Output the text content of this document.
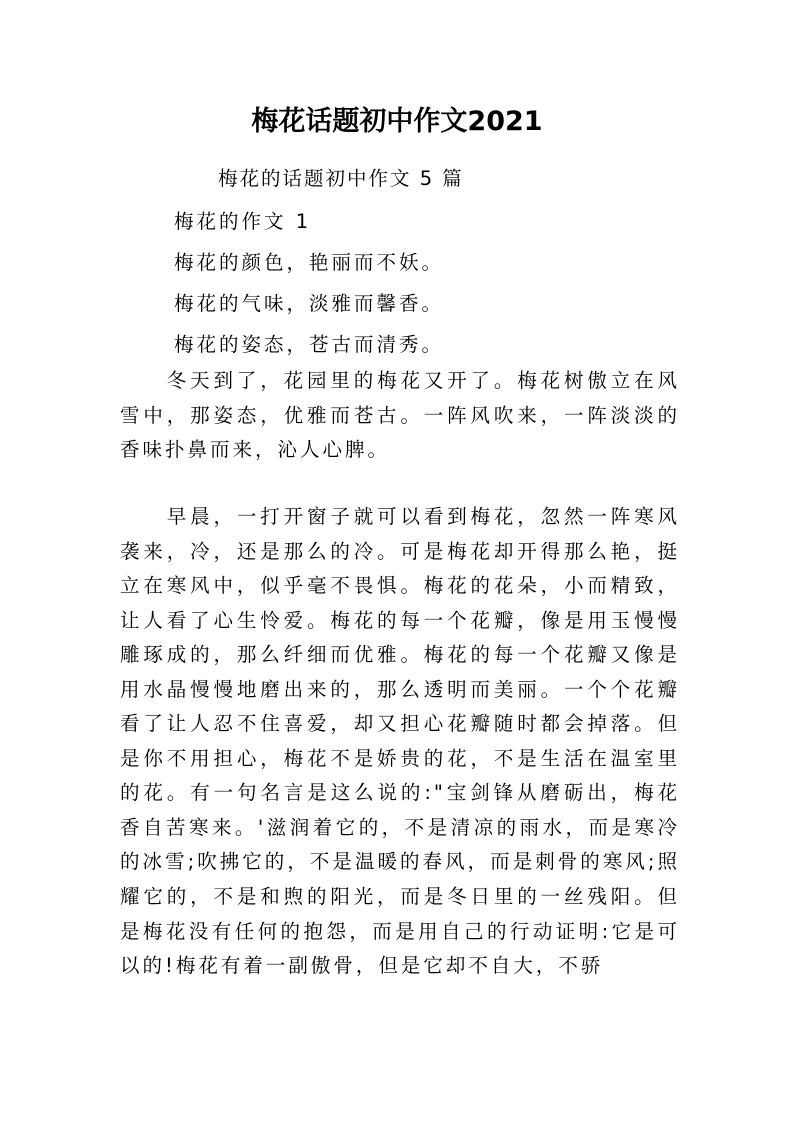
梅花话题初中作文2021

梅花的话题初中作文 5 篇

梅花的作文 1

梅花的颜色，艳丽而不妖。

梅花的气味，淡雅而馨香。

梅花的姿态，苍古而清秀。

冬天到了，花园里的梅花又开了。梅花树傲立在风雪中，那姿态，优雅而苍古。一阵风吹来，一阵淡淡的香味扑鼻而来，沁人心脾。

早晨，一打开窗子就可以看到梅花，忽然一阵寒风袭来，冷，还是那么的冷。可是梅花却开得那么艳，挺立在寒风中，似乎毫不畏惧。梅花的花朵，小而精致，让人看了心生怜爱。梅花的每一个花瓣，像是用玉慢慢雕琢成的，那么纤细而优雅。梅花的每一个花瓣又像是用水晶慢慢地磨出来的，那么透明而美丽。一个个花瓣看了让人忍不住喜爱，却又担心花瓣随时都会掉落。但是你不用担心，梅花不是娇贵的花，不是生活在温室里的花。有一句名言是这么说的:"宝剑锋从磨砺出，梅花香自苦寒来。'滋润着它的，不是清凉的雨水，而是寒冷的冰雪;吹拂它的，不是温暖的春风，而是刺骨的寒风;照耀它的，不是和煦的阳光，而是冬日里的一丝残阳。但是梅花没有任何的抱怨，而是用自己的行动证明:它是可以的!梅花有着一副傲骨，但是它却不自大，不骄
